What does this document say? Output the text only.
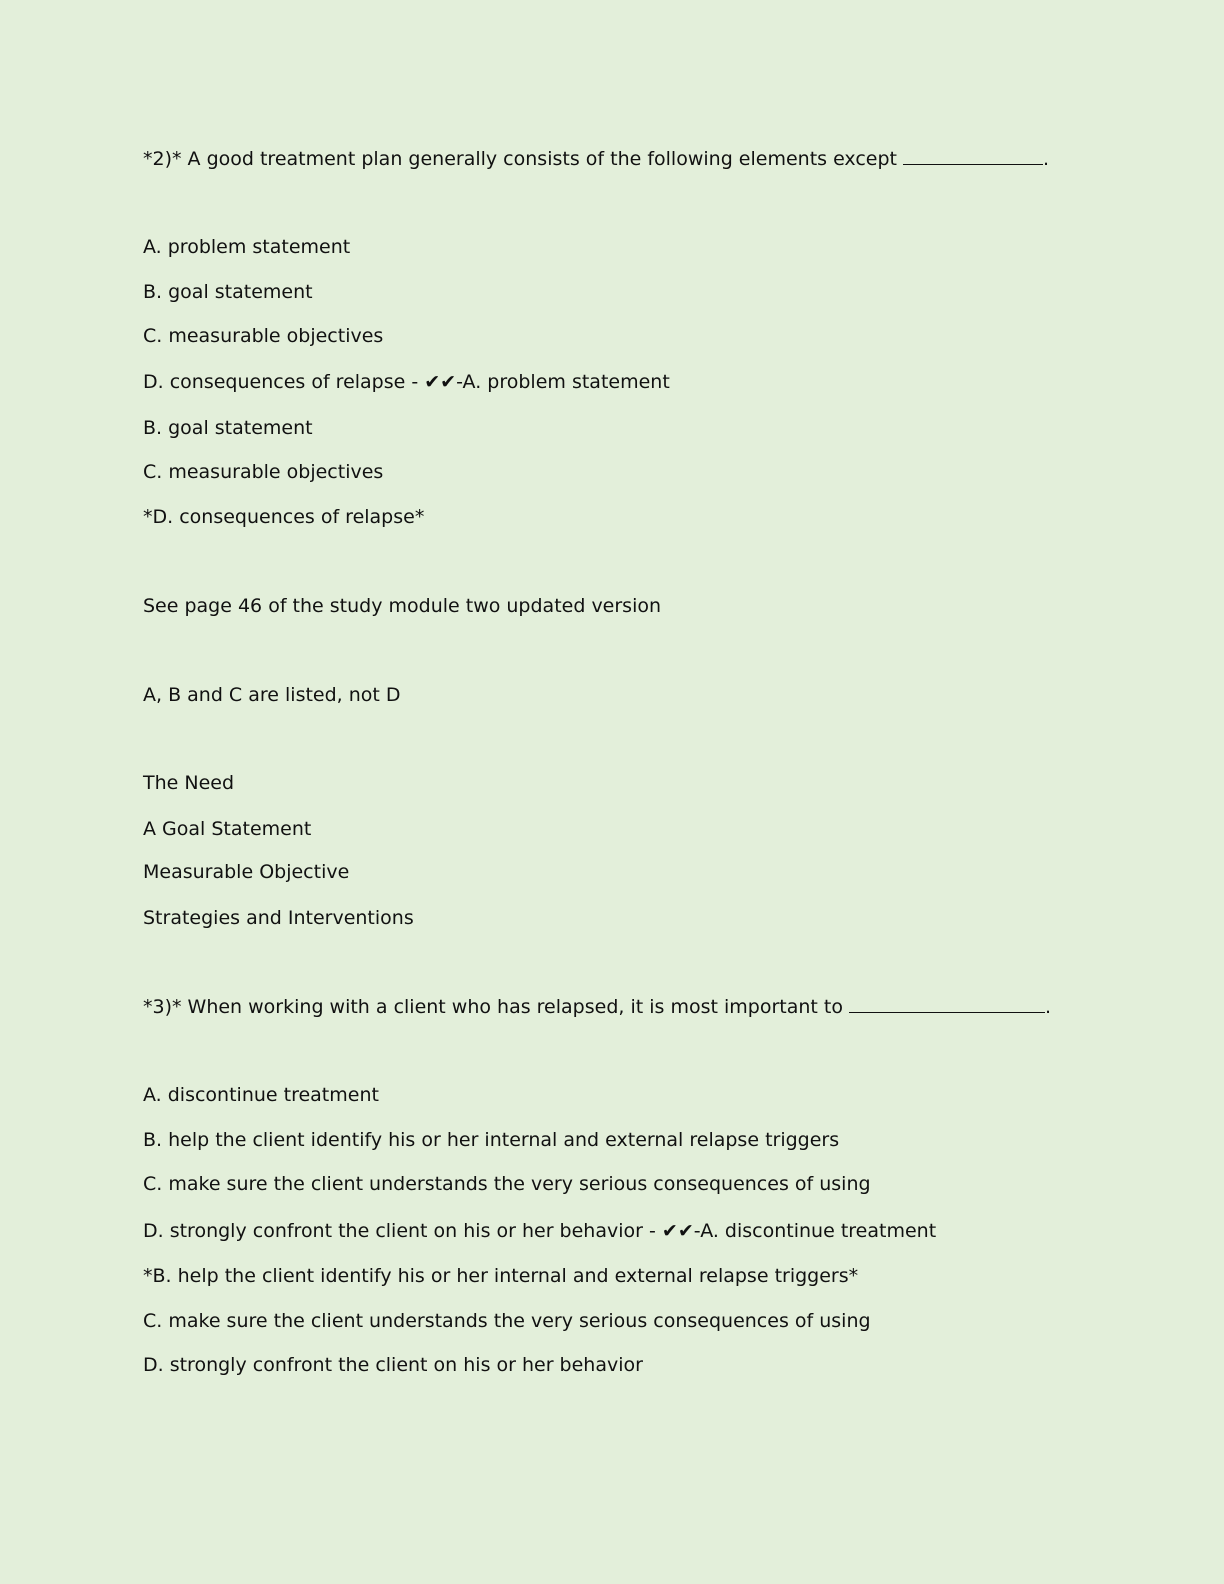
*2)* A good treatment plan generally consists of the following elements except	.
A. problem statement
B. goal statement
C. measurable objectives
D. consequences of relapse - ✔✔-A. problem statement
B. goal statement
C. measurable objectives
*D. consequences of relapse*
See page 46 of the study module two updated version
A, B and C are listed, not D
The Need
A Goal Statement
Measurable Objective
Strategies and Interventions
*3)* When working with a client who has relapsed, it is most important to	.
A. discontinue treatment
B. help the client identify his or her internal and external relapse triggers
C. make sure the client understands the very serious consequences of using
D. strongly confront the client on his or her behavior - ✔✔-A. discontinue treatment
*B. help the client identify his or her internal and external relapse triggers*
C. make sure the client understands the very serious consequences of using
D. strongly confront the client on his or her behavior
